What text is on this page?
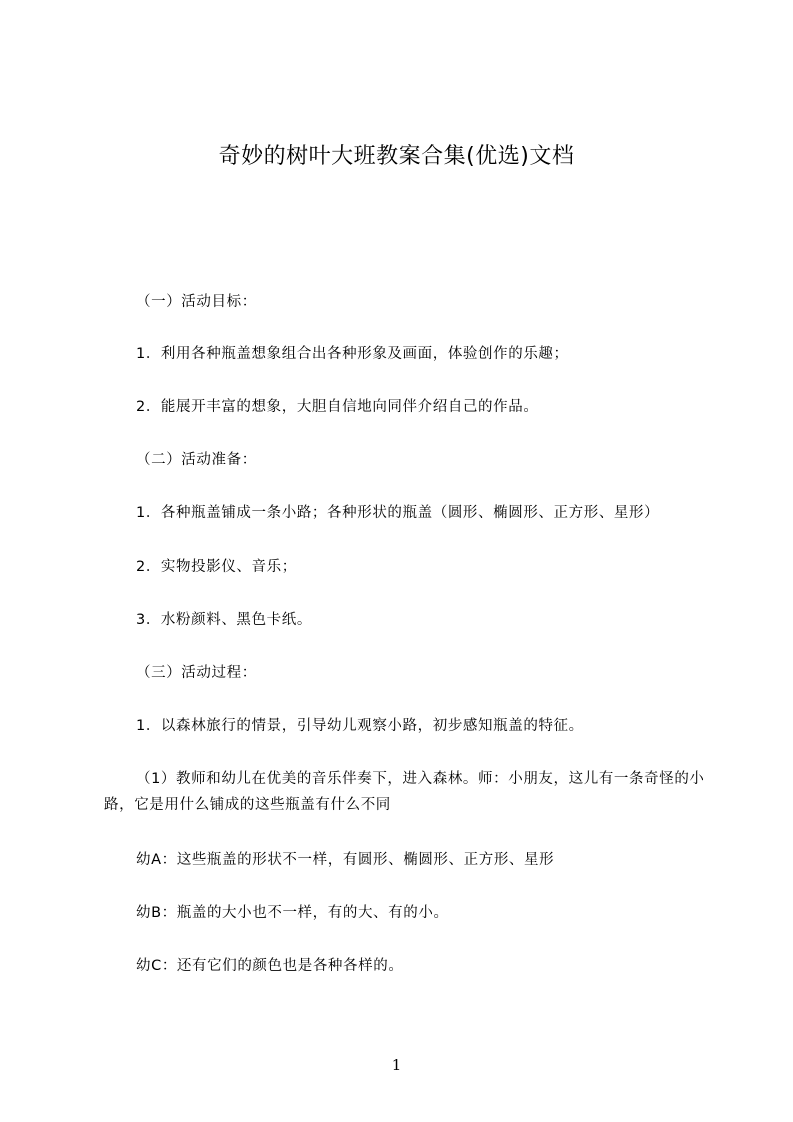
奇妙的树叶大班教案合集(优选)文档
（一）活动目标：
1．利用各种瓶盖想象组合出各种形象及画面，体验创作的乐趣；
2．能展开丰富的想象，大胆自信地向同伴介绍自己的作品。
（二）活动准备：
1．各种瓶盖铺成一条小路；各种形状的瓶盖（圆形、椭圆形、正方形、星形）
2．实物投影仪、音乐；
3．水粉颜料、黑色卡纸。
（三）活动过程：
1．以森林旅行的情景，引导幼儿观察小路，初步感知瓶盖的特征。
（1）教师和幼儿在优美的音乐伴奏下，进入森林。师：小朋友，这儿有一条奇怪的小路，它是用什么铺成的这些瓶盖有什么不同
幼A：这些瓶盖的形状不一样，有圆形、椭圆形、正方形、星形
幼B：瓶盖的大小也不一样，有的大、有的小。
幼C：还有它们的颜色也是各种各样的。
1
